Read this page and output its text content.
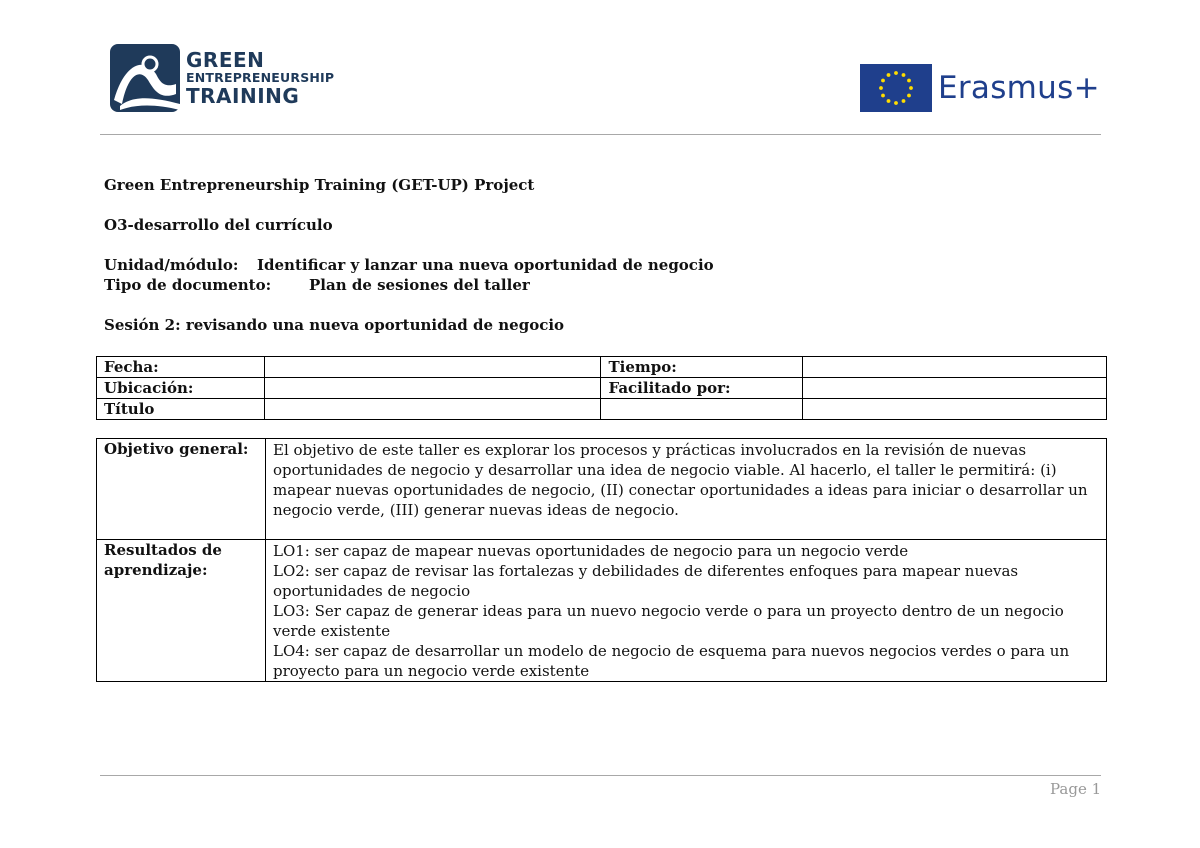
GREEN
ENTREPRENEURSHIP
TRAINING	Erasmus+
Green Entrepreneurship Training (GET-UP) Project
O3-desarrollo del currículo
Unidad/módulo:	Identificar y lanzar una nueva oportunidad de negocio
Tipo de documento:	Plan de sesiones del taller
Sesión 2: revisando una nueva oportunidad de negocio
Fecha:		Tiempo:	
Ubicación:		Facilitado por:	
Título			
Objetivo general:	El objetivo de este taller es explorar los procesos y prácticas involucrados en la revisión de nuevas oportunidades de negocio y desarrollar una idea de negocio viable. Al hacerlo, el taller le permitirá: (i) mapear nuevas oportunidades de negocio, (II) conectar oportunidades a ideas para iniciar o desarrollar un negocio verde, (III) generar nuevas ideas de negocio.
Resultados de aprendizaje:	LO1: ser capaz de mapear nuevas oportunidades de negocio para un negocio verde
LO2: ser capaz de revisar las fortalezas y debilidades de diferentes enfoques para mapear nuevas oportunidades de negocio
LO3: Ser capaz de generar ideas para un nuevo negocio verde o para un proyecto dentro de un negocio verde existente
LO4: ser capaz de desarrollar un modelo de negocio de esquema para nuevos negocios verdes o para un proyecto para un negocio verde existente
Page 1
